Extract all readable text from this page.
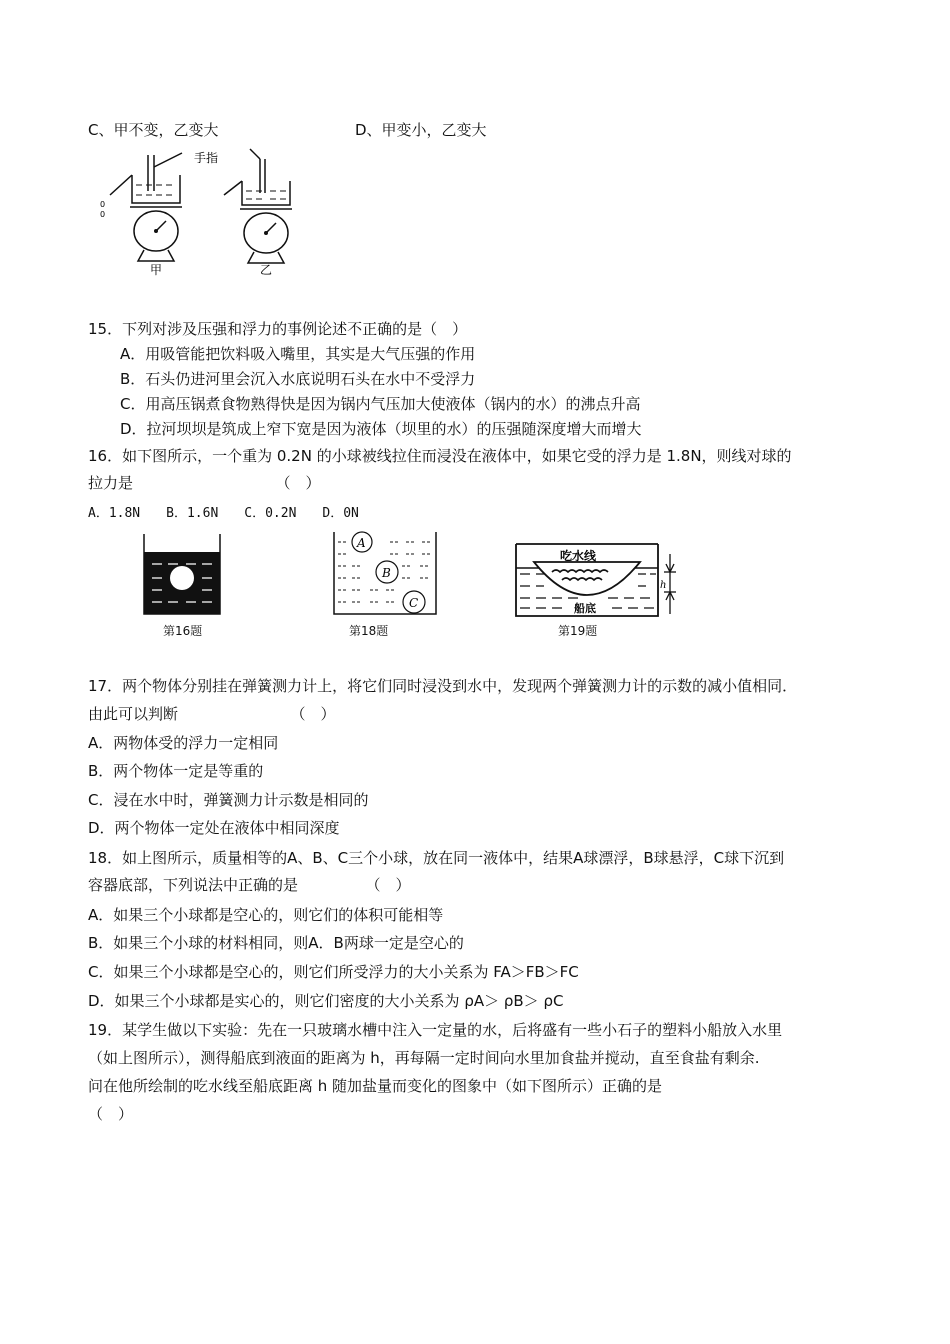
C、甲不变，乙变大	D、甲变小，乙变大
手指
0
0
甲	乙
15．下列对涉及压强和浮力的事例论述不正确的是（　）
A．用吸管能把饮料吸入嘴里，其实是大气压强的作用
B．石头仍进河里会沉入水底说明石头在水中不受浮力
C．用高压锅煮食物熟得快是因为锅内气压加大使液体（锅内的水）的沸点升高
D．拉河坝坝是筑成上窄下宽是因为液体（坝里的水）的压强随深度增大而增大
16．如下图所示，一个重为 0.2N 的小球被线拉住而浸没在液体中，如果它受的浮力是 1.8N，则线对球的
拉力是　　　　　　　　　　（　）
A．1.8N　　B．1.6N　　C．0.2N　　D．0N
第16题
A
B
C
第18题
吃水线
船底
h
第19题
17．两个物体分别挂在弹簧测力计上，将它们同时浸没到水中，发现两个弹簧测力计的示数的减小值相同．
由此可以判断　　　　　　　　（　）
A．两物体受的浮力一定相同
B．两个物体一定是等重的
C．浸在水中时，弹簧测力计示数是相同的
D．两个物体一定处在液体中相同深度
18．如上图所示，质量相等的A、B、C三个小球，放在同一液体中，结果A球漂浮，B球悬浮，C球下沉到
容器底部，下列说法中正确的是　　　　　（　）
A．如果三个小球都是空心的，则它们的体积可能相等
B．如果三个小球的材料相同，则A．B两球一定是空心的
C．如果三个小球都是空心的，则它们所受浮力的大小关系为 FA＞FB＞FC
D．如果三个小球都是实心的，则它们密度的大小关系为 ρA＞ ρB＞ ρC
19．某学生做以下实验：先在一只玻璃水槽中注入一定量的水，后将盛有一些小石子的塑料小船放入水里
（如上图所示），测得船底到液面的距离为 h，再每隔一定时间向水里加食盐并搅动，直至食盐有剩余.
问在他所绘制的吃水线至船底距离 h 随加盐量而变化的图象中（如下图所示）正确的是
（　）
